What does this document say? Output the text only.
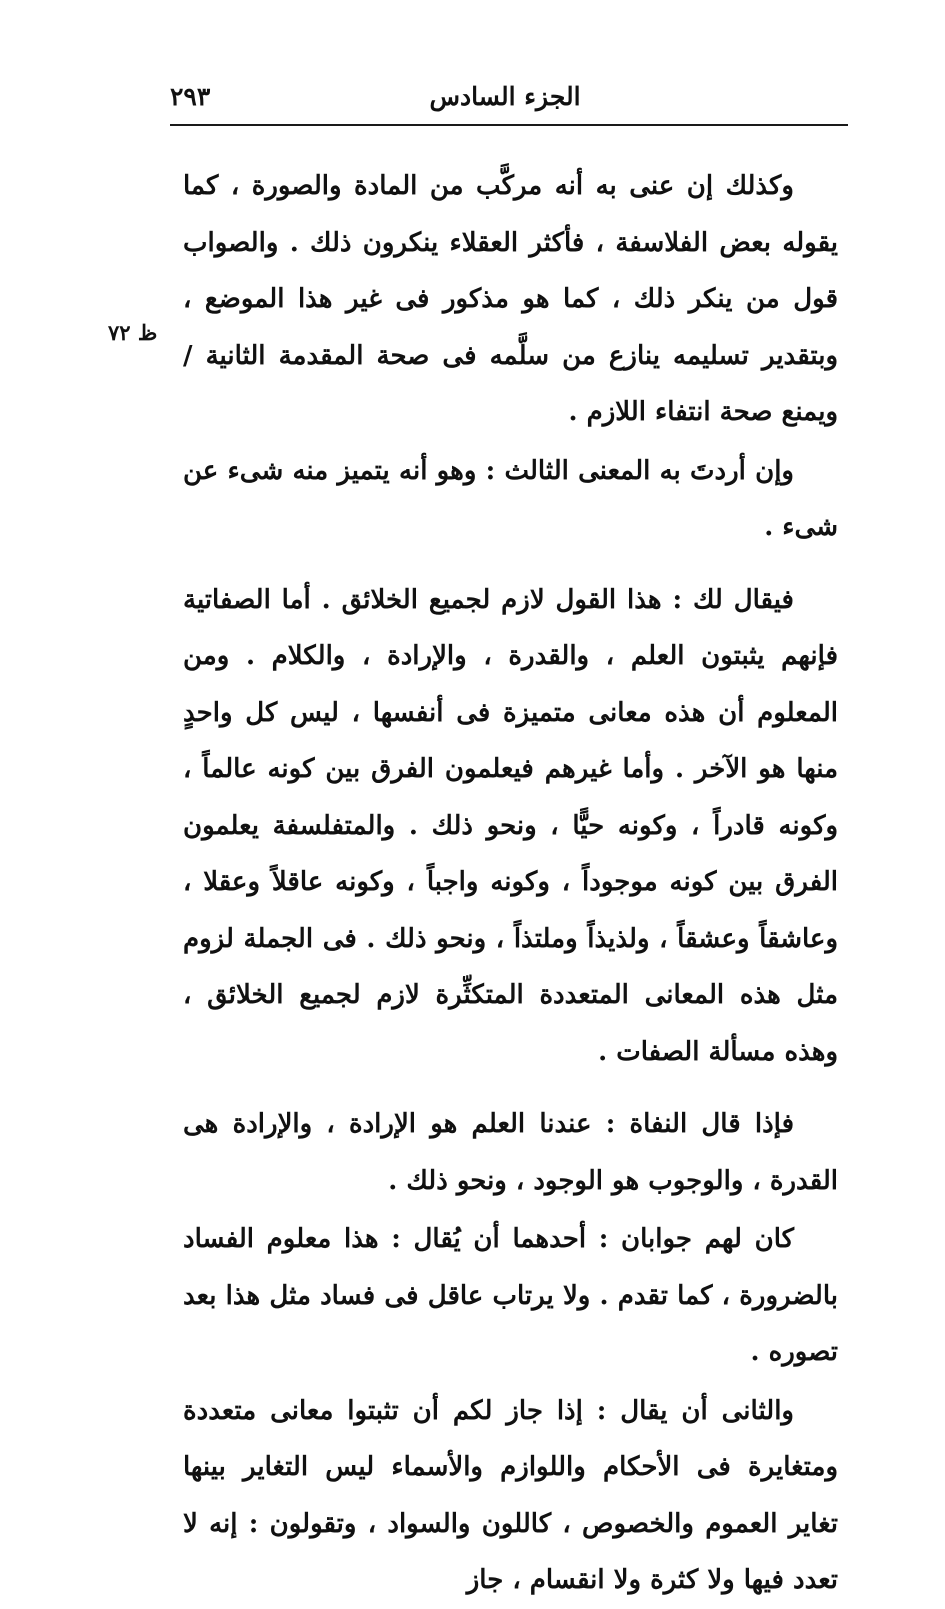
الجزء السادس
٢٩٣
ظ ٧٢

وكذلك إن عنى به أنه مركَّب من المادة والصورة ، كما يقوله بعض الفلاسفة ، فأكثر العقلاء ينكرون ذلك . والصواب قول من ينكر ذلك ، كما هو مذكور فى غير هذا الموضع ، وبتقدير تسليمه ينازع من سلَّمه فى صحة المقدمة الثانية / ويمنع صحة انتفاء اللازم .

وإن أردتَ به المعنى الثالث : وهو أنه يتميز منه شىء عن شىء .

فيقال لك : هذا القول لازم لجميع الخلائق . أما الصفاتية فإنهم يثبتون العلم ، والقدرة ، والإرادة ، والكلام . ومن المعلوم أن هذه معانى متميزة فى أنفسها ، ليس كل واحدٍ منها هو الآخر . وأما غيرهم فيعلمون الفرق بين كونه عالماً ، وكونه قادراً ، وكونه حيًّا ، ونحو ذلك . والمتفلسفة يعلمون الفرق بين كونه موجوداً ، وكونه واجباً ، وكونه عاقلاً وعقلا ، وعاشقاً وعشقاً ، ولذيذاً وملتذاً ، ونحو ذلك . فى الجملة لزوم مثل هذه المعانى المتعددة المتكثِّرة لازم لجميع الخلائق ، وهذه مسألة الصفات .

فإذا قال النفاة : عندنا العلم هو الإرادة ، والإرادة هى القدرة ، والوجوب هو الوجود ، ونحو ذلك .

كان لهم جوابان : أحدهما أن يُقال : هذا معلوم الفساد بالضرورة ، كما تقدم . ولا يرتاب عاقل فى فساد مثل هذا بعد تصوره .

والثانى أن يقال : إذا جاز لكم أن تثبتوا معانى متعددة ومتغايرة فى الأحكام واللوازم والأسماء ليس التغاير بينها تغاير العموم والخصوص ، كاللون والسواد ، وتقولون : إنه لا تعدد فيها ولا كثرة ولا انقسام ، جاز
